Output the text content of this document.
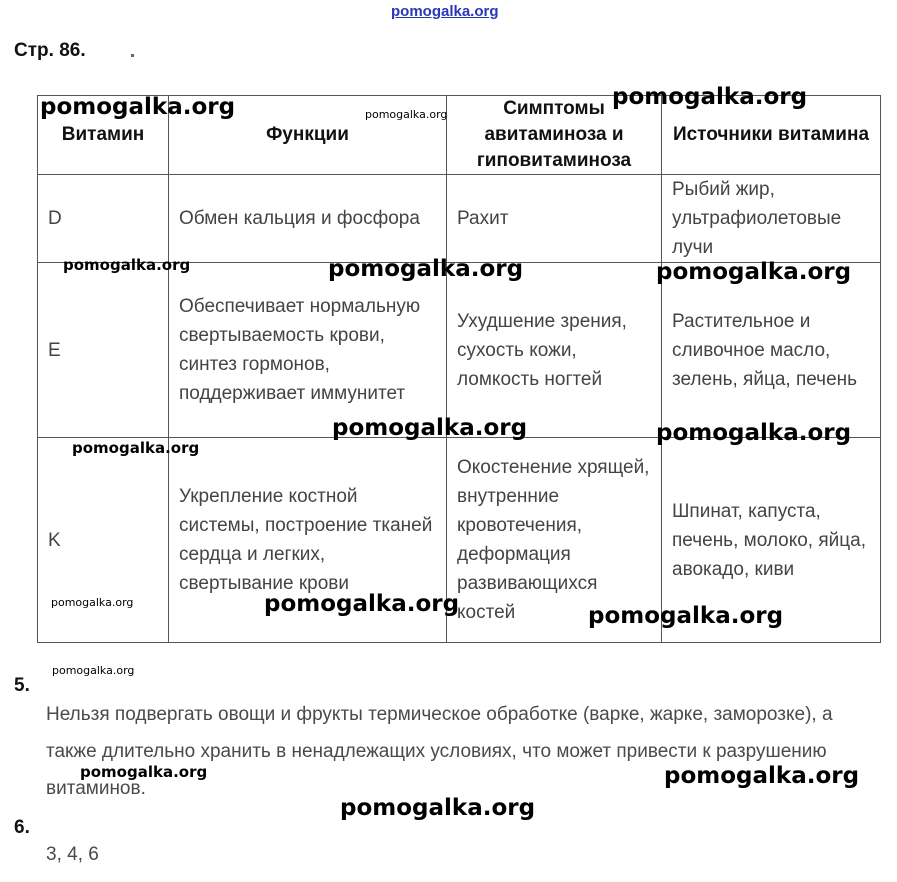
pomogalka.org
Стр. 86.
Витамин	Функции	Симптомы авитаминоза и гиповитаминоза	Источники витамина
D	Обмен кальция и фосфора	Рахит	Рыбий жир, ультрафиолетовые лучи
E	Обеспечивает нормальную свертываемость крови, синтез гормонов, поддерживает иммунитет	Ухудшение зрения, сухость кожи, ломкость ногтей	Растительное и сливочное масло, зелень, яйца, печень
K	Укрепление костной системы, построение тканей сердца и легких, свертывание крови	Окостенение хрящей, внутренние кровотечения, деформация развивающихся костей	Шпинат, капуста, печень, молоко, яйца, авокадо, киви
5.
Нельзя подвергать овощи и фрукты термическое обработке (варке, жарке, заморозке), а также длительно хранить в ненадлежащих условиях, что может привести к разрушению витаминов.
6.
3, 4, 6
pomogalka.org	pomogalka.org
pomogalka.org
pomogalka.org	pomogalka.org	pomogalka.org
pomogalka.org
pomogalka.org	pomogalka.org
pomogalka.org	pomogalka.org	pomogalka.org
pomogalka.org
pomogalka.org	pomogalka.org
pomogalka.org
